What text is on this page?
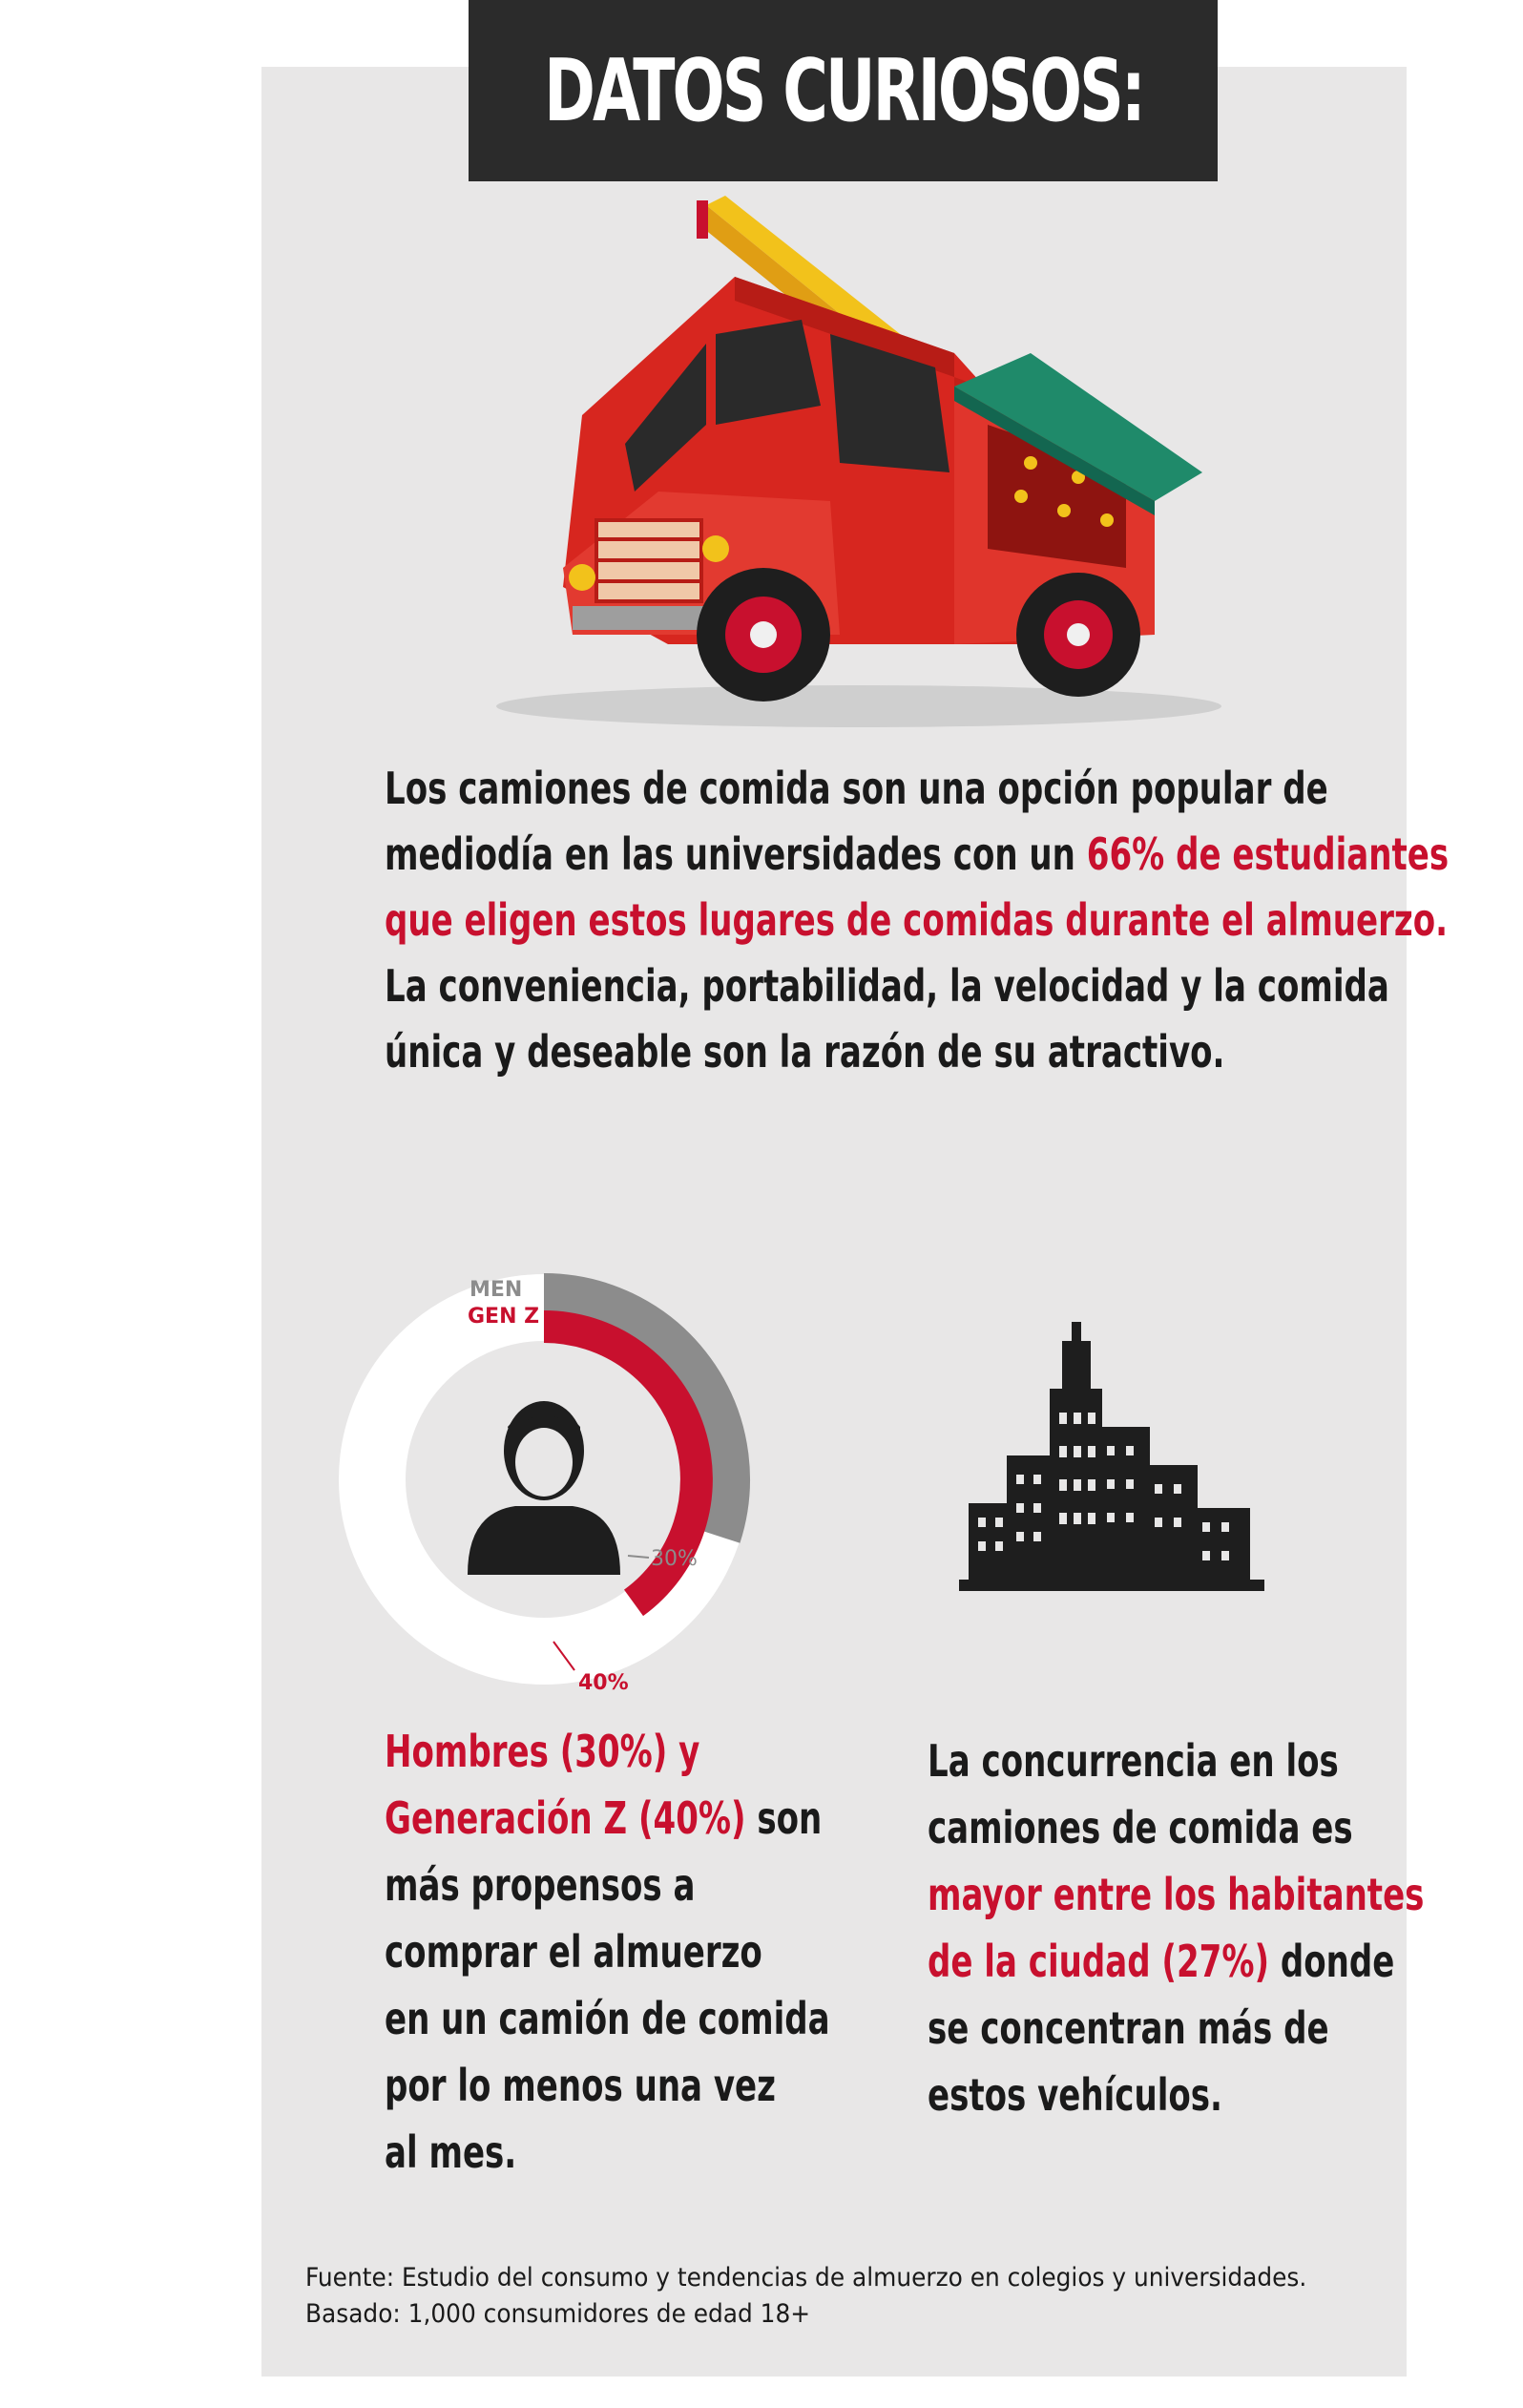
DATOS CURIOSOS:
Los camiones de comida son una opción popular de
mediodía en las universidades con un 66% de estudiantes
que eligen estos lugares de comidas durante el almuerzo.
La conveniencia, portabilidad, la velocidad y la comida
única y deseable son la razón de su atractivo.
MEN
GEN Z
30%
40%
Hombres (30%) y
Generación Z (40%) son
más propensos a
comprar el almuerzo
en un camión de comida
por lo menos una vez
al mes.
La concurrencia en los
camiones de comida es
mayor entre los habitantes
de la ciudad (27%) donde
se concentran más de
estos vehículos.
Fuente: Estudio del consumo y tendencias de almuerzo en colegios y universidades.
Basado: 1,000 consumidores de edad 18+
